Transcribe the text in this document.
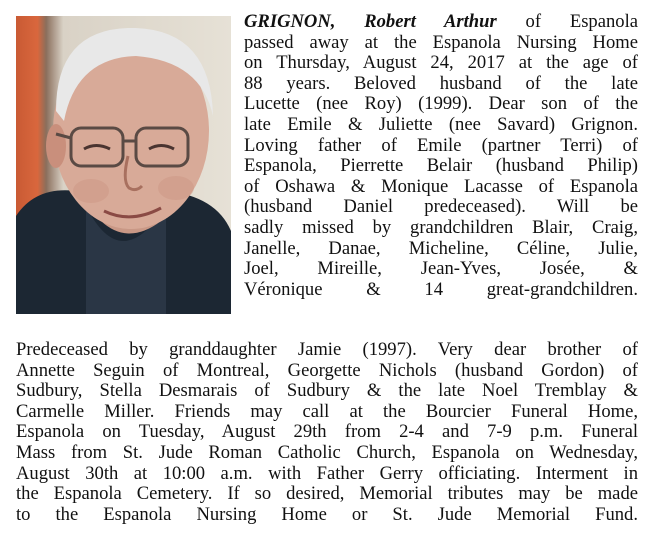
GRIGNON, Robert Arthur of Espanola
passed away at the Espanola Nursing Home
on Thursday, August 24, 2017 at the age of
88 years. Beloved husband of the late
Lucette (nee Roy) (1999). Dear son of the
late Emile & Juliette (nee Savard) Grignon.
Loving father of Emile (partner Terri) of
Espanola, Pierrette Belair (husband Philip)
of Oshawa & Monique Lacasse of Espanola
(husband Daniel predeceased). Will be
sadly missed by grandchildren Blair, Craig,
Janelle, Danae, Micheline, Céline, Julie,
Joel, Mireille, Jean-Yves, Josée, &
Véronique & 14 great-grandchildren.
Predeceased by granddaughter Jamie (1997). Very dear brother of
Annette Seguin of Montreal, Georgette Nichols (husband Gordon) of
Sudbury, Stella Desmarais of Sudbury & the late Noel Tremblay &
Carmelle Miller. Friends may call at the Bourcier Funeral Home,
Espanola on Tuesday, August 29th from 2-4 and 7-9 p.m. Funeral
Mass from St. Jude Roman Catholic Church, Espanola on Wednesday,
August 30th at 10:00 a.m. with Father Gerry officiating. Interment in
the Espanola Cemetery. If so desired, Memorial tributes may be made
to the Espanola Nursing Home or St. Jude Memorial Fund.
